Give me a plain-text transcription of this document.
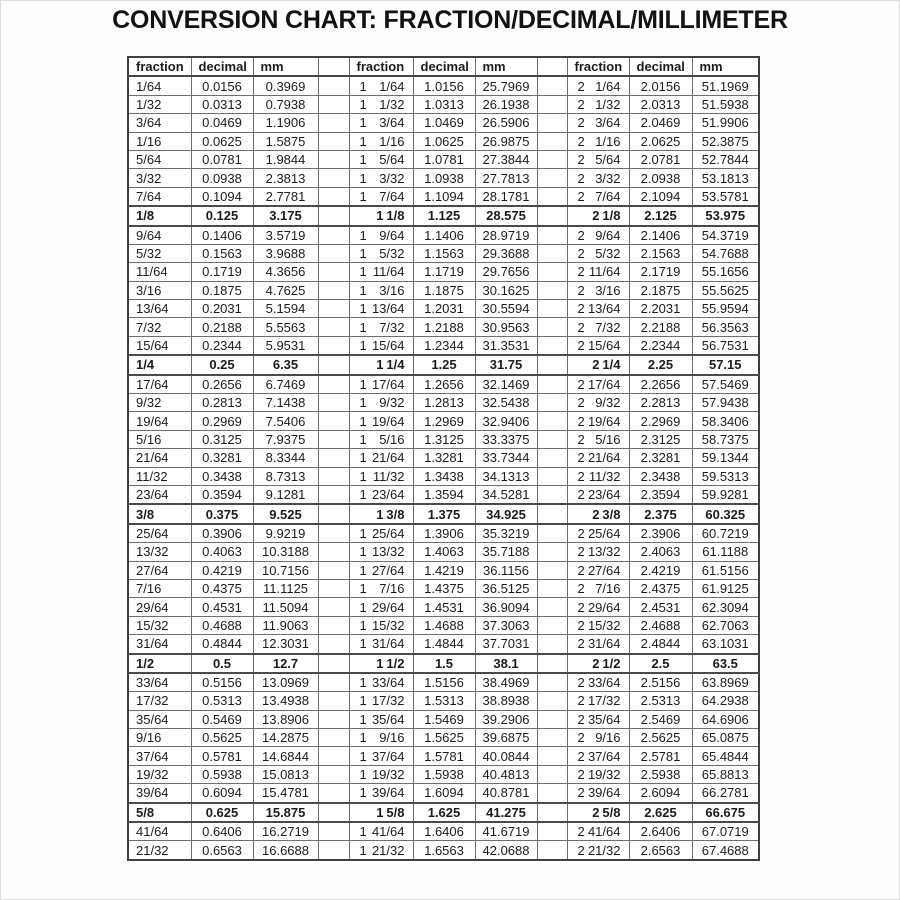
CONVERSION CHART: FRACTION/DECIMAL/MILLIMETER
fraction	decimal	mm		fraction	decimal	mm		fraction	decimal	mm
1/64	0.0156	0.3969		1 1/64	1.0156	25.7969		2 1/64	2.0156	51.1969
1/32	0.0313	0.7938		1 1/32	1.0313	26.1938		2 1/32	2.0313	51.5938
3/64	0.0469	1.1906		1 3/64	1.0469	26.5906		2 3/64	2.0469	51.9906
1/16	0.0625	1.5875		1 1/16	1.0625	26.9875		2 1/16	2.0625	52.3875
5/64	0.0781	1.9844		1 5/64	1.0781	27.3844		2 5/64	2.0781	52.7844
3/32	0.0938	2.3813		1 3/32	1.0938	27.7813		2 3/32	2.0938	53.1813
7/64	0.1094	2.7781		1 7/64	1.1094	28.1781		2 7/64	2.1094	53.5781
1/8	0.125	3.175		1 1/8	1.125	28.575		2 1/8	2.125	53.975
9/64	0.1406	3.5719		1 9/64	1.1406	28.9719		2 9/64	2.1406	54.3719
5/32	0.1563	3.9688		1 5/32	1.1563	29.3688		2 5/32	2.1563	54.7688
11/64	0.1719	4.3656		1 11/64	1.1719	29.7656		2 11/64	2.1719	55.1656
3/16	0.1875	4.7625		1 3/16	1.1875	30.1625		2 3/16	2.1875	55.5625
13/64	0.2031	5.1594		1 13/64	1.2031	30.5594		2 13/64	2.2031	55.9594
7/32	0.2188	5.5563		1 7/32	1.2188	30.9563		2 7/32	2.2188	56.3563
15/64	0.2344	5.9531		1 15/64	1.2344	31.3531		2 15/64	2.2344	56.7531
1/4	0.25	6.35		1 1/4	1.25	31.75		2 1/4	2.25	57.15
17/64	0.2656	6.7469		1 17/64	1.2656	32.1469		2 17/64	2.2656	57.5469
9/32	0.2813	7.1438		1 9/32	1.2813	32.5438		2 9/32	2.2813	57.9438
19/64	0.2969	7.5406		1 19/64	1.2969	32.9406		2 19/64	2.2969	58.3406
5/16	0.3125	7.9375		1 5/16	1.3125	33.3375		2 5/16	2.3125	58.7375
21/64	0.3281	8.3344		1 21/64	1.3281	33.7344		2 21/64	2.3281	59.1344
11/32	0.3438	8.7313		1 11/32	1.3438	34.1313		2 11/32	2.3438	59.5313
23/64	0.3594	9.1281		1 23/64	1.3594	34.5281		2 23/64	2.3594	59.9281
3/8	0.375	9.525		1 3/8	1.375	34.925		2 3/8	2.375	60.325
25/64	0.3906	9.9219		1 25/64	1.3906	35.3219		2 25/64	2.3906	60.7219
13/32	0.4063	10.3188		1 13/32	1.4063	35.7188		2 13/32	2.4063	61.1188
27/64	0.4219	10.7156		1 27/64	1.4219	36.1156		2 27/64	2.4219	61.5156
7/16	0.4375	11.1125		1 7/16	1.4375	36.5125		2 7/16	2.4375	61.9125
29/64	0.4531	11.5094		1 29/64	1.4531	36.9094		2 29/64	2.4531	62.3094
15/32	0.4688	11.9063		1 15/32	1.4688	37.3063		2 15/32	2.4688	62.7063
31/64	0.4844	12.3031		1 31/64	1.4844	37.7031		2 31/64	2.4844	63.1031
1/2	0.5	12.7		1 1/2	1.5	38.1		2 1/2	2.5	63.5
33/64	0.5156	13.0969		1 33/64	1.5156	38.4969		2 33/64	2.5156	63.8969
17/32	0.5313	13.4938		1 17/32	1.5313	38.8938		2 17/32	2.5313	64.2938
35/64	0.5469	13.8906		1 35/64	1.5469	39.2906		2 35/64	2.5469	64.6906
9/16	0.5625	14.2875		1 9/16	1.5625	39.6875		2 9/16	2.5625	65.0875
37/64	0.5781	14.6844		1 37/64	1.5781	40.0844		2 37/64	2.5781	65.4844
19/32	0.5938	15.0813		1 19/32	1.5938	40.4813		2 19/32	2.5938	65.8813
39/64	0.6094	15.4781		1 39/64	1.6094	40.8781		2 39/64	2.6094	66.2781
5/8	0.625	15.875		1 5/8	1.625	41.275		2 5/8	2.625	66.675
41/64	0.6406	16.2719		1 41/64	1.6406	41.6719		2 41/64	2.6406	67.0719
21/32	0.6563	16.6688		1 21/32	1.6563	42.0688		2 21/32	2.6563	67.4688
